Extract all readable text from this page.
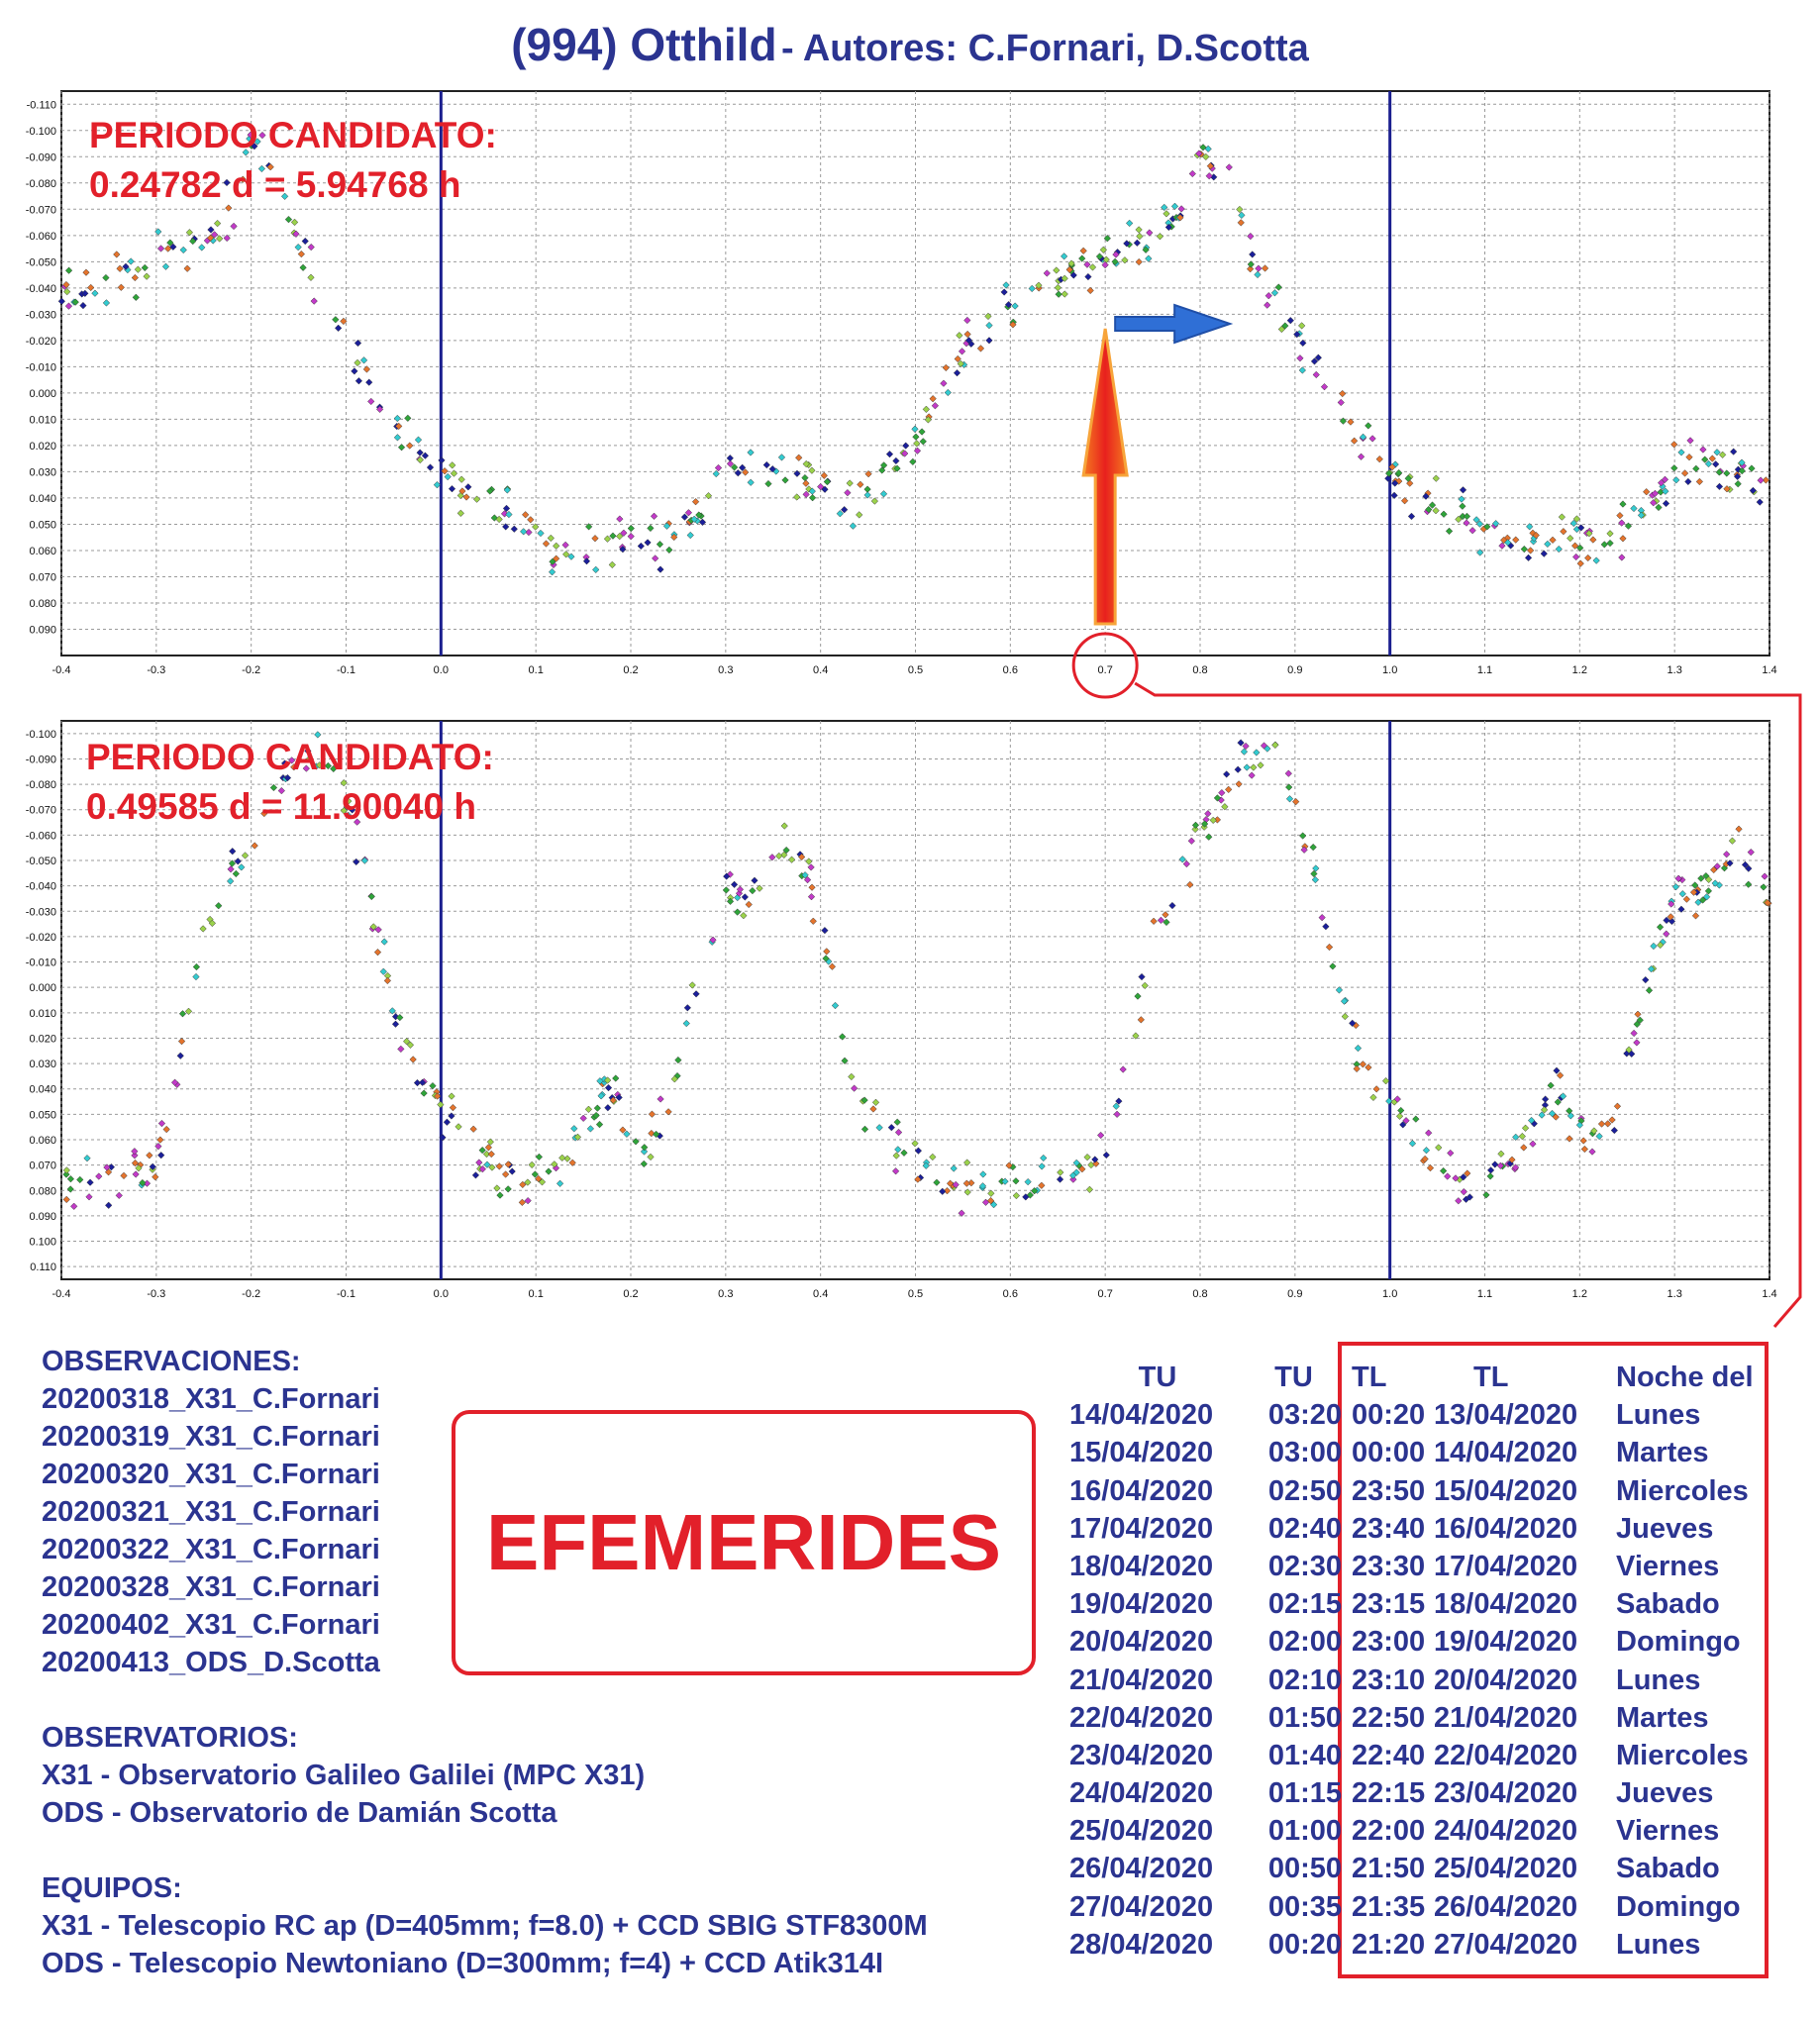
(994) Otthild - Autores: C.Fornari, D.Scotta
-0.4	-0.3	-0.2	-0.1	0.0	0.1	0.2	0.3	0.4	0.5	0.6	0.7	0.8	0.9	1.0	1.1	1.2	1.3	1.4
-0.110
-0.100
-0.090
-0.080
-0.070
-0.060
-0.050
-0.040
-0.030
-0.020
-0.010
0.000
0.010
0.020
0.030
0.040
0.050
0.060
0.070
0.080
0.090
-0.4	-0.3	-0.2	-0.1	0.0	0.1	0.2	0.3	0.4	0.5	0.6	0.7	0.8	0.9	1.0	1.1	1.2	1.3	1.4
-0.100
-0.090
-0.080
-0.070
-0.060
-0.050
-0.040
-0.030
-0.020
-0.010
0.000
0.010
0.020
0.030
0.040
0.050
0.060
0.070
0.080
0.090
0.100
0.110
PERIODO CANDIDATO:
0.24782 d = 5.94768 h
PERIODO CANDIDATO:
0.49585 d = 11.90040 h
OBSERVACIONES:
20200318_X31_C.Fornari
20200319_X31_C.Fornari
20200320_X31_C.Fornari
20200321_X31_C.Fornari
20200322_X31_C.Fornari
20200328_X31_C.Fornari
20200402_X31_C.Fornari
20200413_ODS_D.Scotta
OBSERVATORIOS:
X31 - Observatorio Galileo Galilei (MPC X31)
ODS - Observatorio de Damián Scotta
EQUIPOS:
X31 - Telescopio RC ap (D=405mm; f=8.0) + CCD SBIG STF8300M
ODS - Telescopio Newtoniano (D=300mm; f=4) + CCD Atik314I
EFEMERIDES
TU	TU	TL	TL	Noche del
14/04/2020	03:20 00:20 13/04/2020	Lunes
15/04/2020	03:00 00:00 14/04/2020	Martes
16/04/2020	02:50 23:50 15/04/2020	Miercoles
17/04/2020	02:40 23:40 16/04/2020	Jueves
18/04/2020	02:30 23:30 17/04/2020	Viernes
19/04/2020	02:15 23:15 18/04/2020	Sabado
20/04/2020	02:00 23:00 19/04/2020	Domingo
21/04/2020	02:10 23:10 20/04/2020	Lunes
22/04/2020	01:50 22:50 21/04/2020	Martes
23/04/2020	01:40 22:40 22/04/2020	Miercoles
24/04/2020	01:15 22:15 23/04/2020	Jueves
25/04/2020	01:00 22:00 24/04/2020	Viernes
26/04/2020	00:50 21:50 25/04/2020	Sabado
27/04/2020	00:35 21:35 26/04/2020	Domingo
28/04/2020	00:20 21:20 27/04/2020	Lunes
